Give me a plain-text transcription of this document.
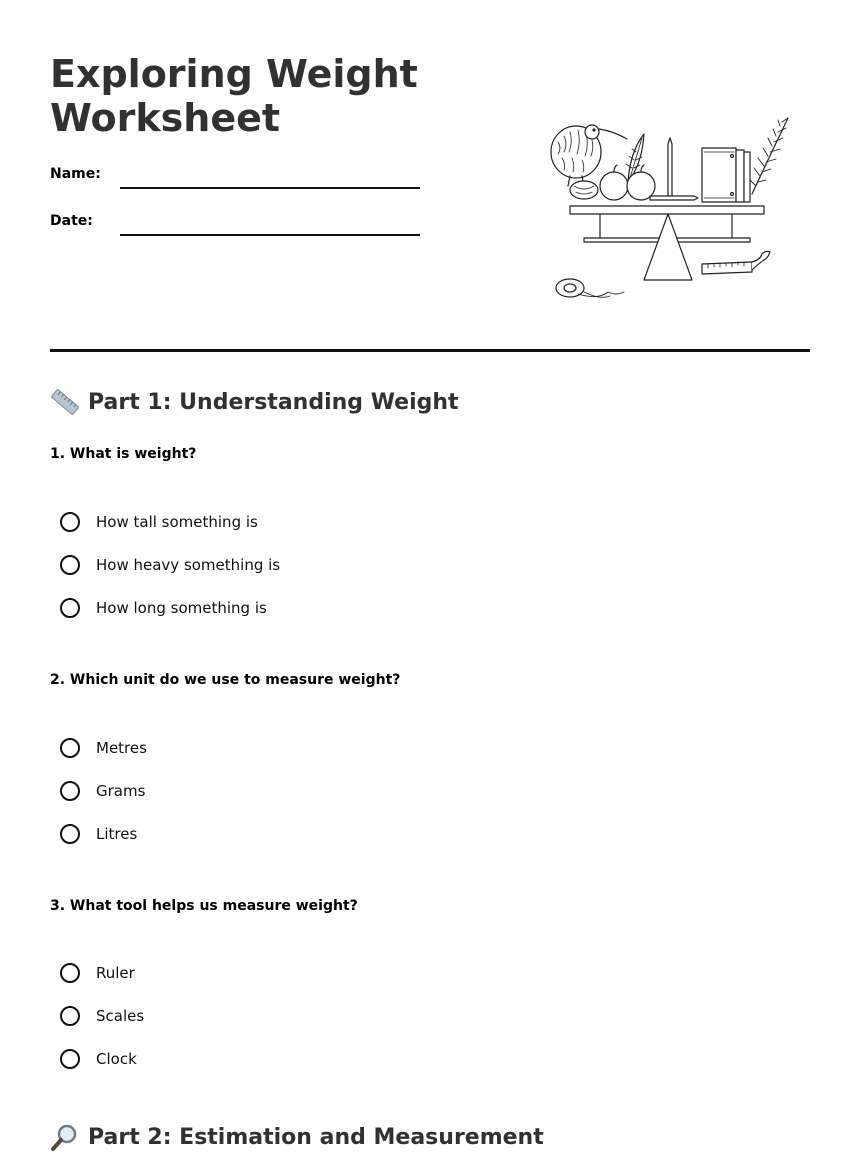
Exploring Weight Worksheet
Name:
Date:
Part 1: Understanding Weight

1. What is weight?

How tall something is
How heavy something is
How long something is

2. Which unit do we use to measure weight?

Metres
Grams
Litres

3. What tool helps us measure weight?

Ruler
Scales
Clock
Part 2: Estimation and Measurement
